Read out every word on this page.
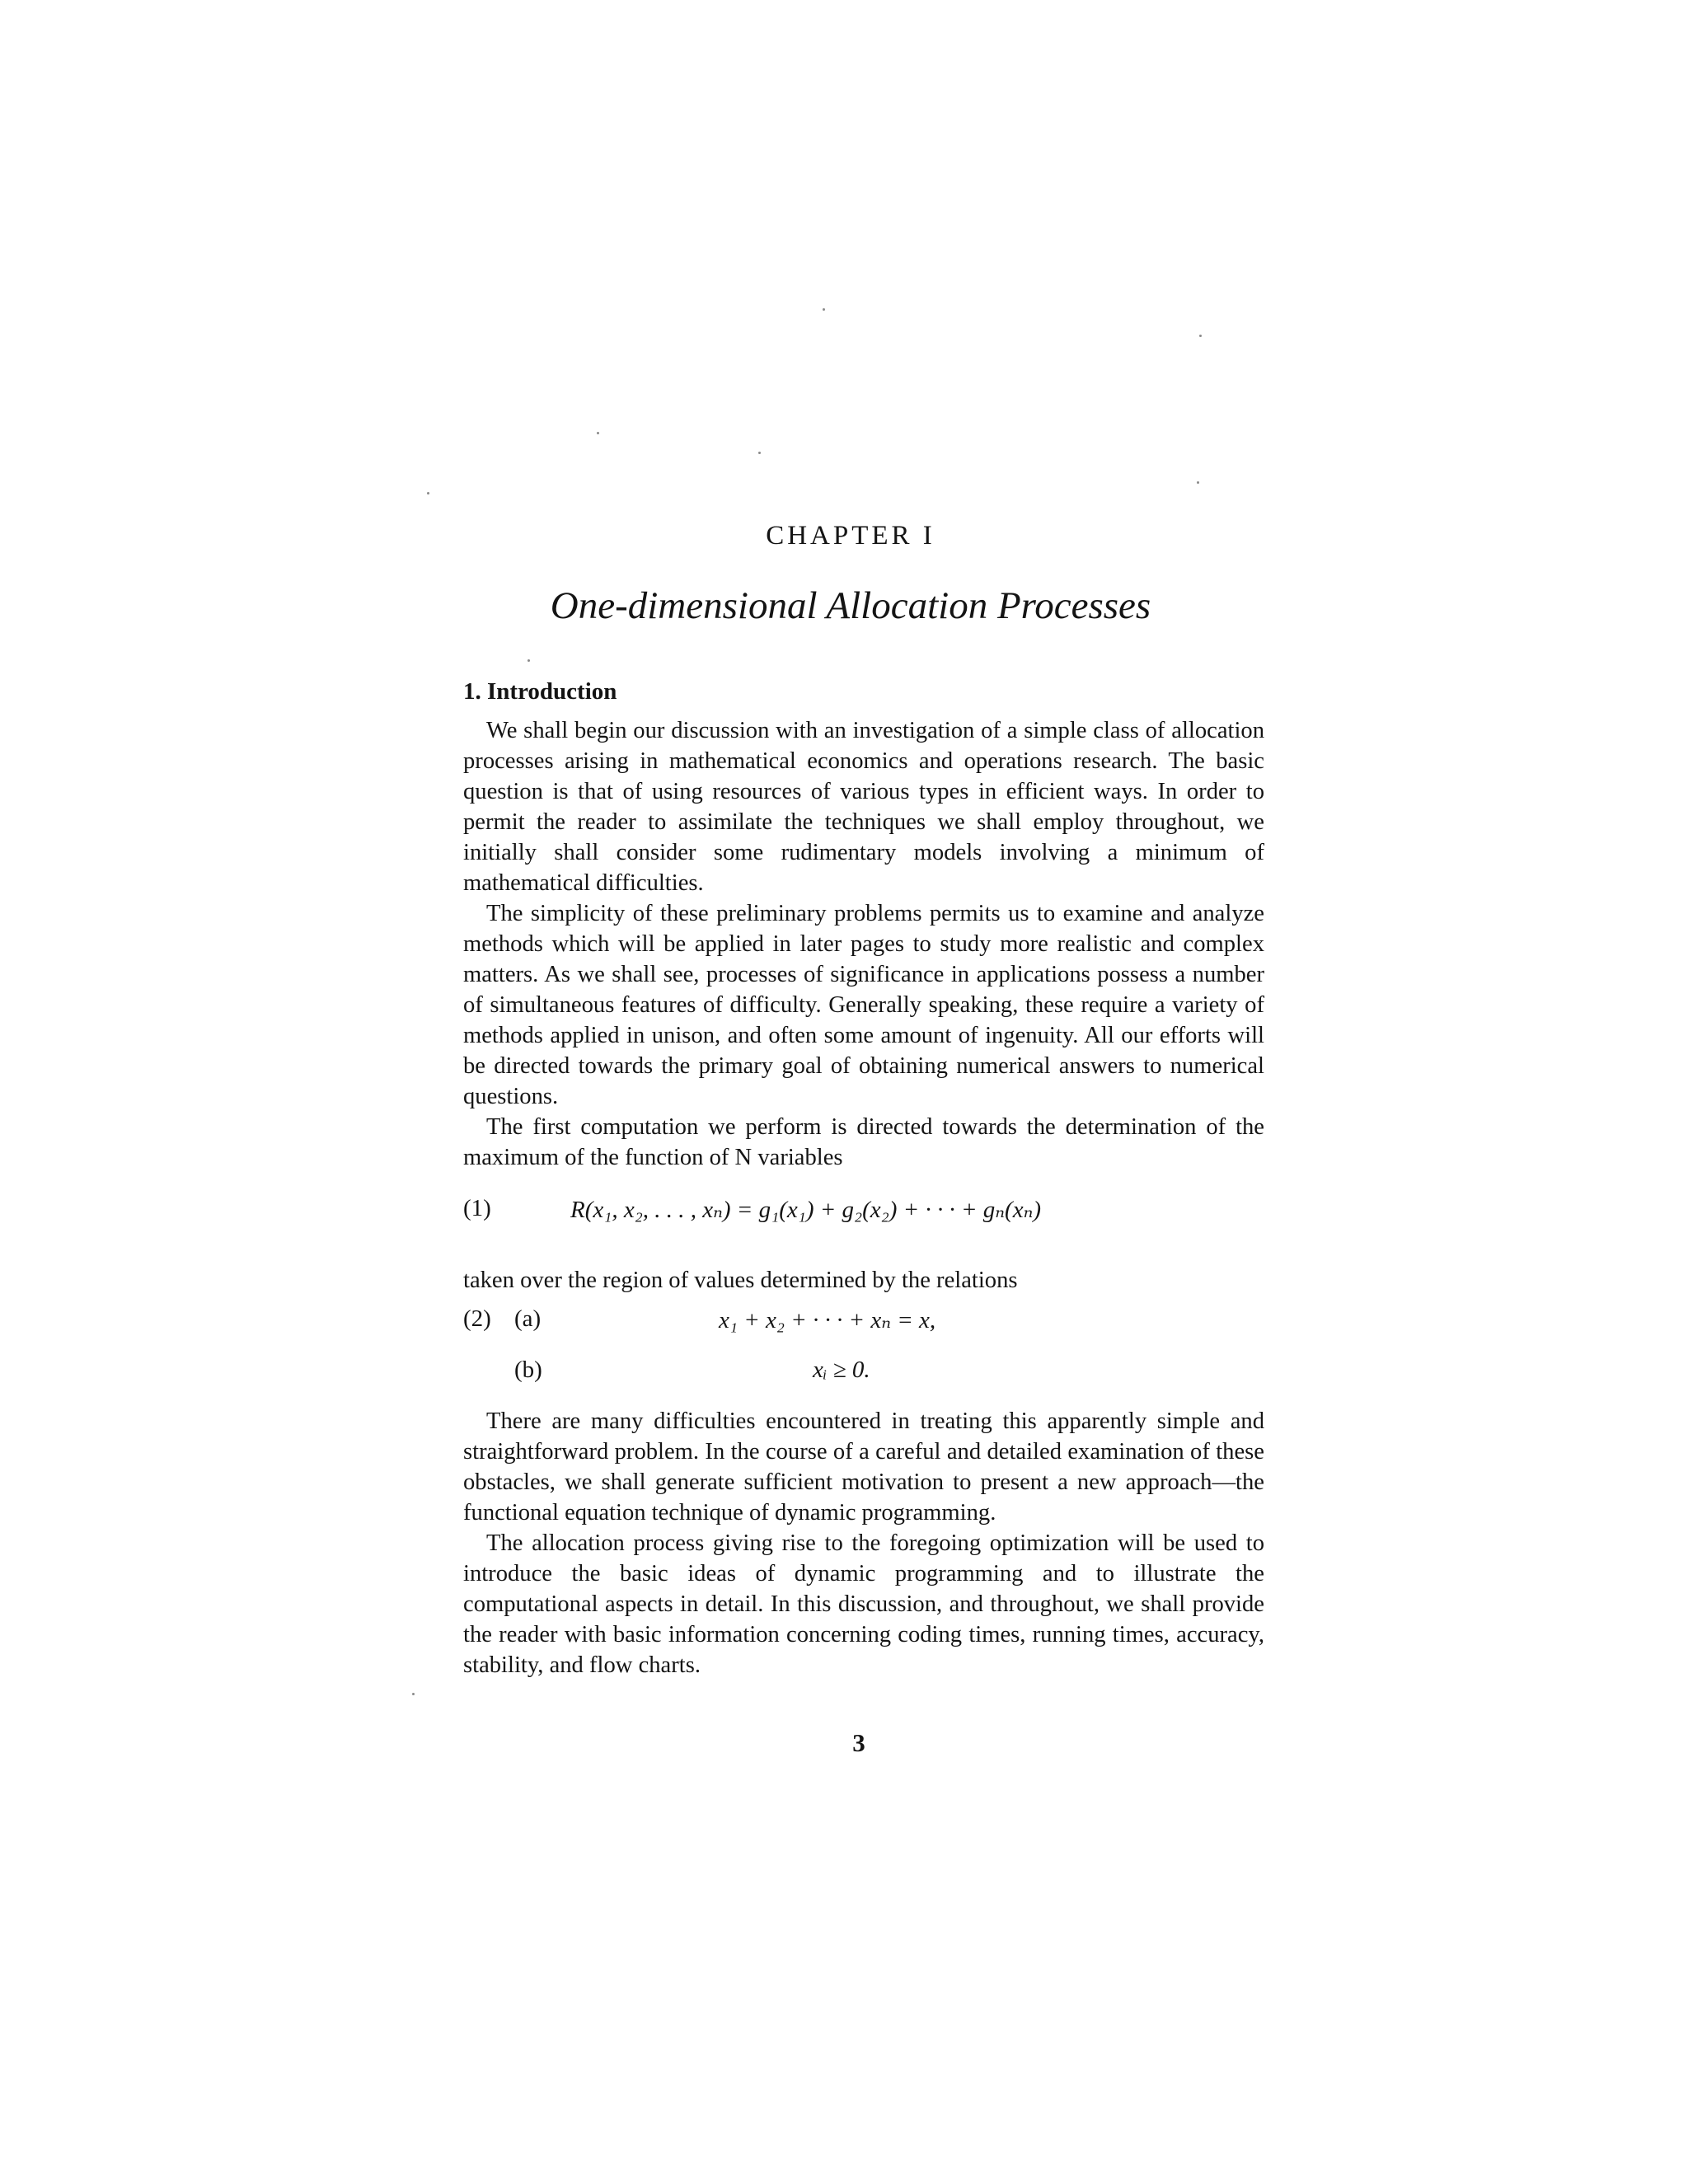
CHAPTER I
One-dimensional Allocation Processes
1. Introduction

We shall begin our discussion with an investigation of a simple class of allocation processes arising in mathematical economics and operations research. The basic question is that of using resources of various types in efficient ways. In order to permit the reader to assimilate the techniques we shall employ throughout, we initially shall consider some rudimentary models involving a minimum of mathematical difficulties.

The simplicity of these preliminary problems permits us to examine and analyze methods which will be applied in later pages to study more realistic and complex matters. As we shall see, processes of significance in applications possess a number of simultaneous features of difficulty. Generally speaking, these require a variety of methods applied in unison, and often some amount of ingenuity. All our efforts will be directed towards the primary goal of obtaining numerical answers to numerical questions.

The first computation we perform is directed towards the determination of the maximum of the function of N variables

(1)	R(x₁, x₂, . . . , xₙ) = g₁(x₁) + g₂(x₂) + · · · + gₙ(xₙ)
taken over the region of values determined by the relations
(2) (a)	x₁ + x₂ + · · · + xₙ = x,
(b)	xᵢ ≥ 0.

There are many difficulties encountered in treating this apparently simple and straightforward problem. In the course of a careful and detailed examination of these obstacles, we shall generate sufficient motivation to present a new approach—the functional equation technique of dynamic programming.

The allocation process giving rise to the foregoing optimization will be used to introduce the basic ideas of dynamic programming and to illustrate the computational aspects in detail. In this discussion, and throughout, we shall provide the reader with basic information concerning coding times, running times, accuracy, stability, and flow charts.

3
